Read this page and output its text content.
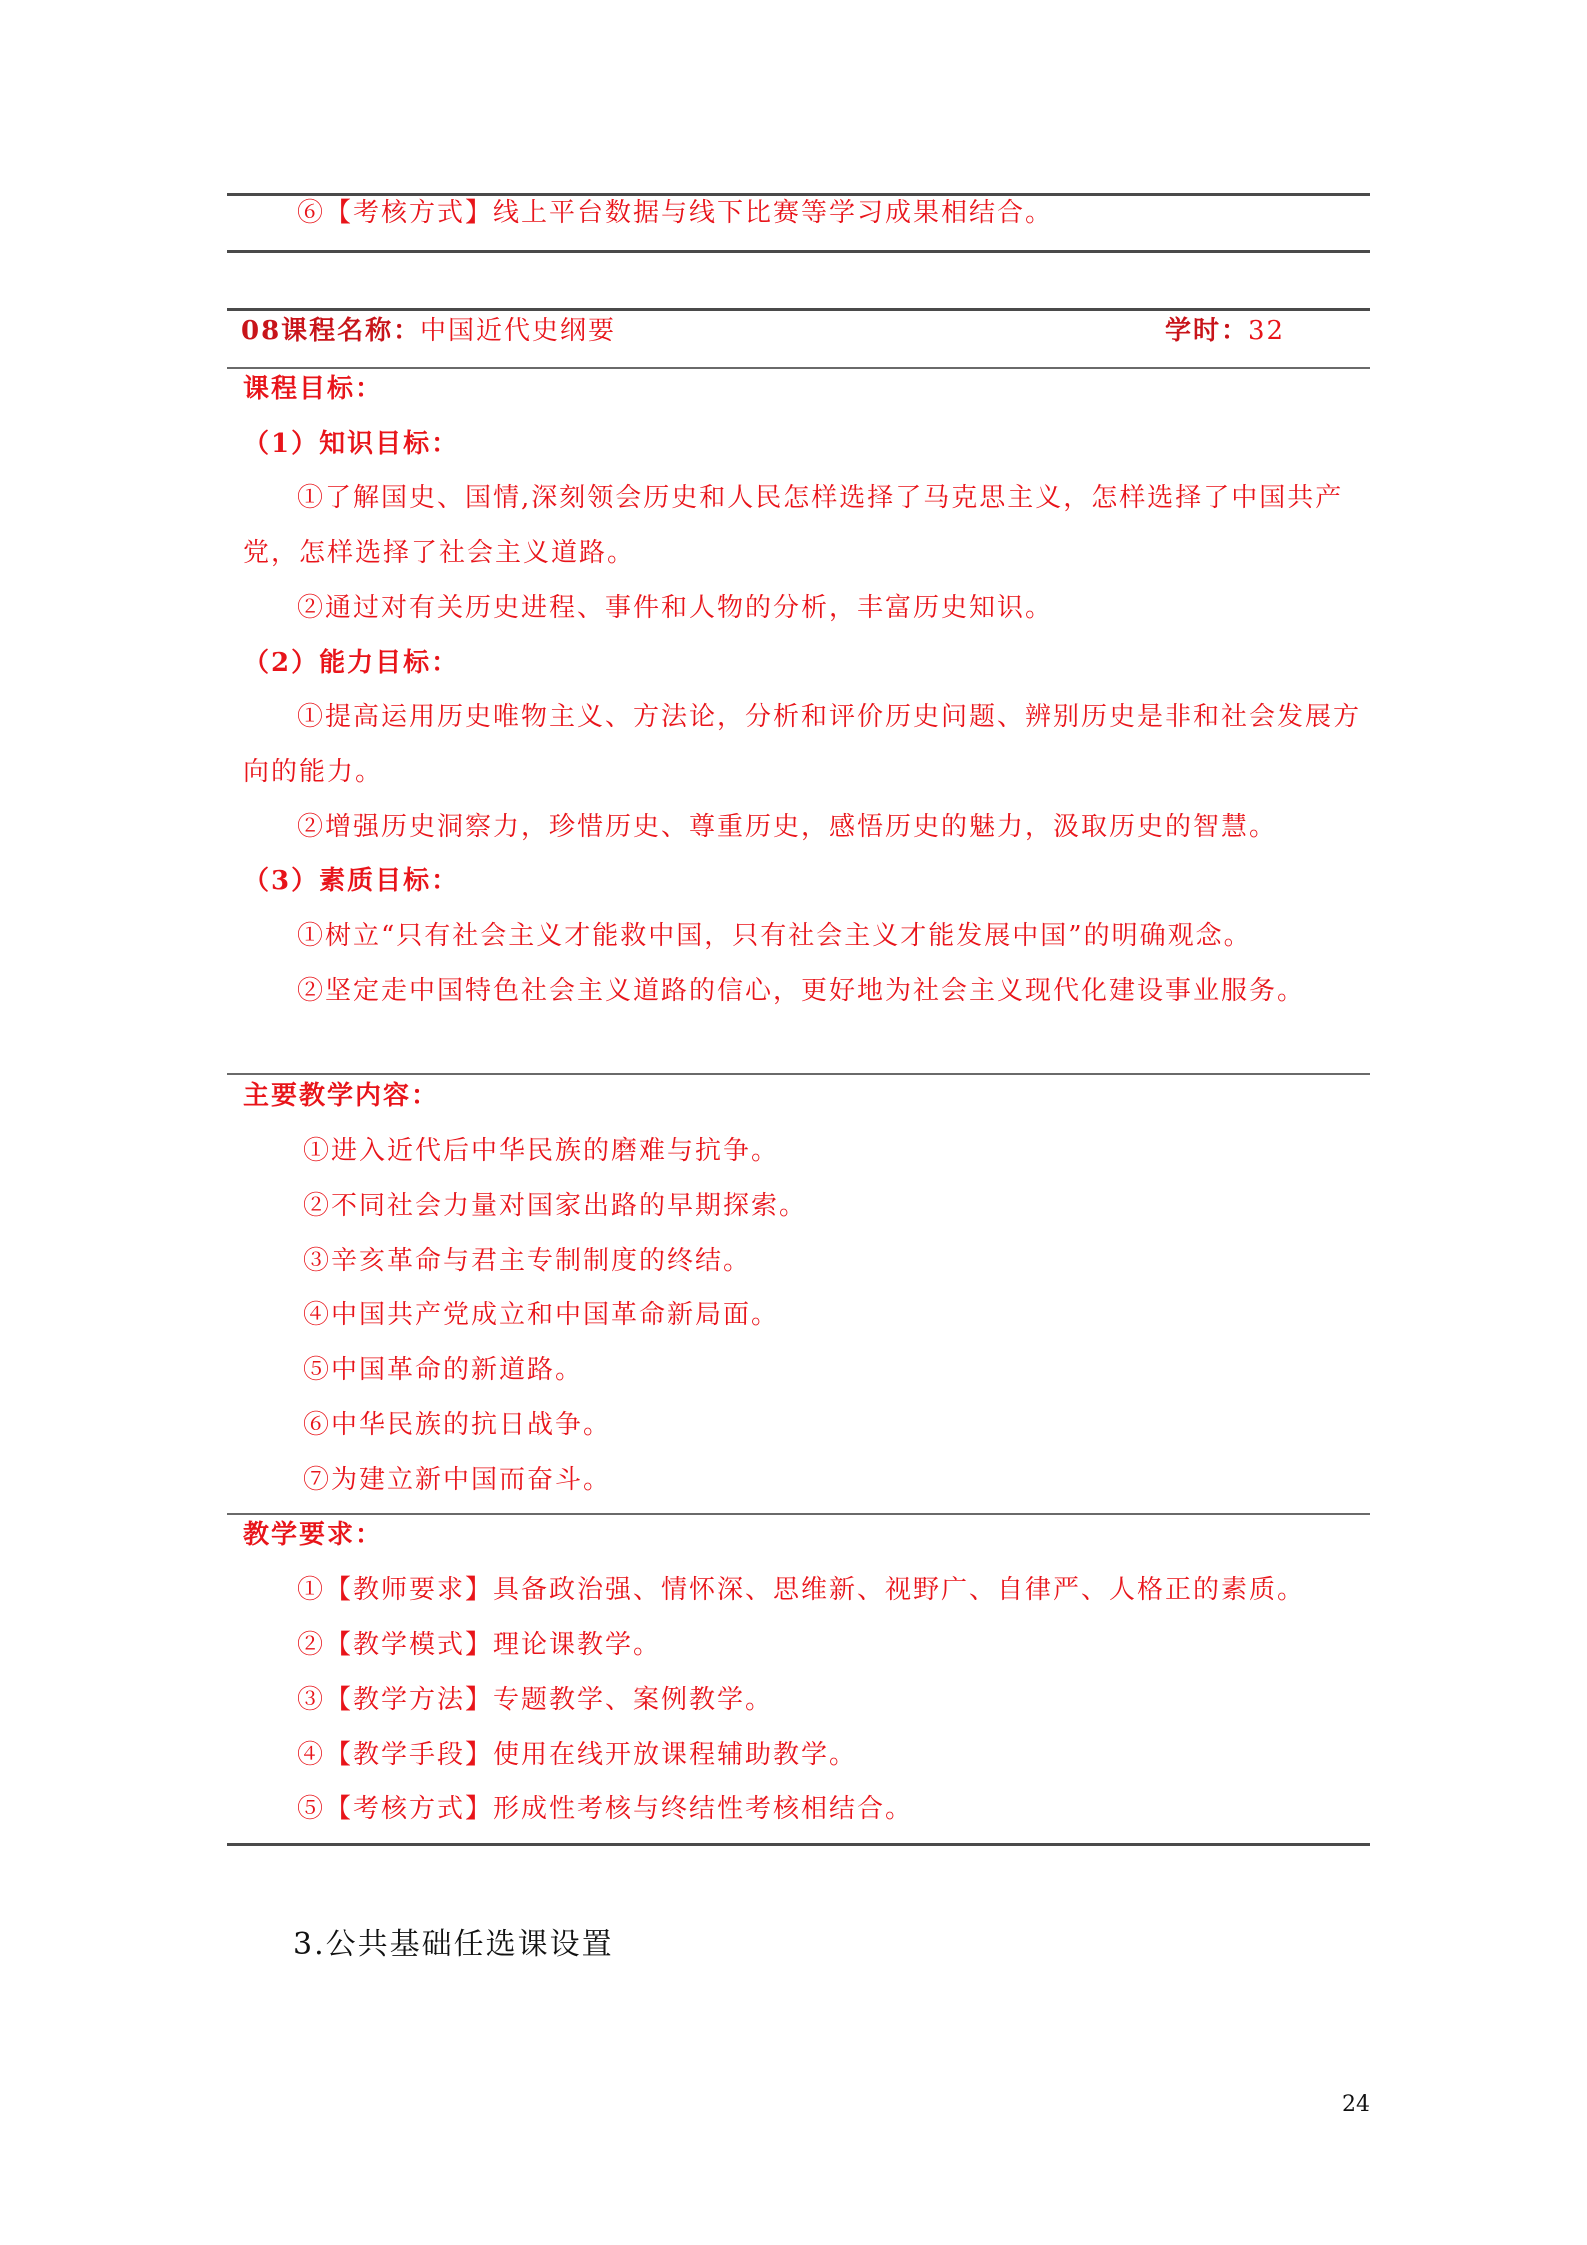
⑥【考核方式】线上平台数据与线下比赛等学习成果相结合。
08课程名称：
中国近代史纲要	学时：
32
课程目标：
（1）知识目标：
①了解国史、国情,深刻领会历史和人民怎样选择了马克思主义，怎样选择了中国共产
党，怎样选择了社会主义道路。
②通过对有关历史进程、事件和人物的分析，丰富历史知识。
（2）能力目标：
①提高运用历史唯物主义、方法论，分析和评价历史问题、辨别历史是非和社会发展方
向的能力。
②增强历史洞察力，珍惜历史、尊重历史，感悟历史的魅力，汲取历史的智慧。
（3）素质目标：
①树立“只有社会主义才能救中国，只有社会主义才能发展中国”的明确观念。
②坚定走中国特色社会主义道路的信心，更好地为社会主义现代化建设事业服务。
主要教学内容：
①进入近代后中华民族的磨难与抗争。
②不同社会力量对国家出路的早期探索。
③辛亥革命与君主专制制度的终结。
④中国共产党成立和中国革命新局面。
⑤中国革命的新道路。
⑥中华民族的抗日战争。
⑦为建立新中国而奋斗。
教学要求：
①【教师要求】具备政治强、情怀深、思维新、视野广、自律严、人格正的素质。
②【教学模式】理论课教学。
③【教学方法】专题教学、案例教学。
④【教学手段】使用在线开放课程辅助教学。
⑤【考核方式】形成性考核与终结性考核相结合。
3.公共基础任选课设置
24
